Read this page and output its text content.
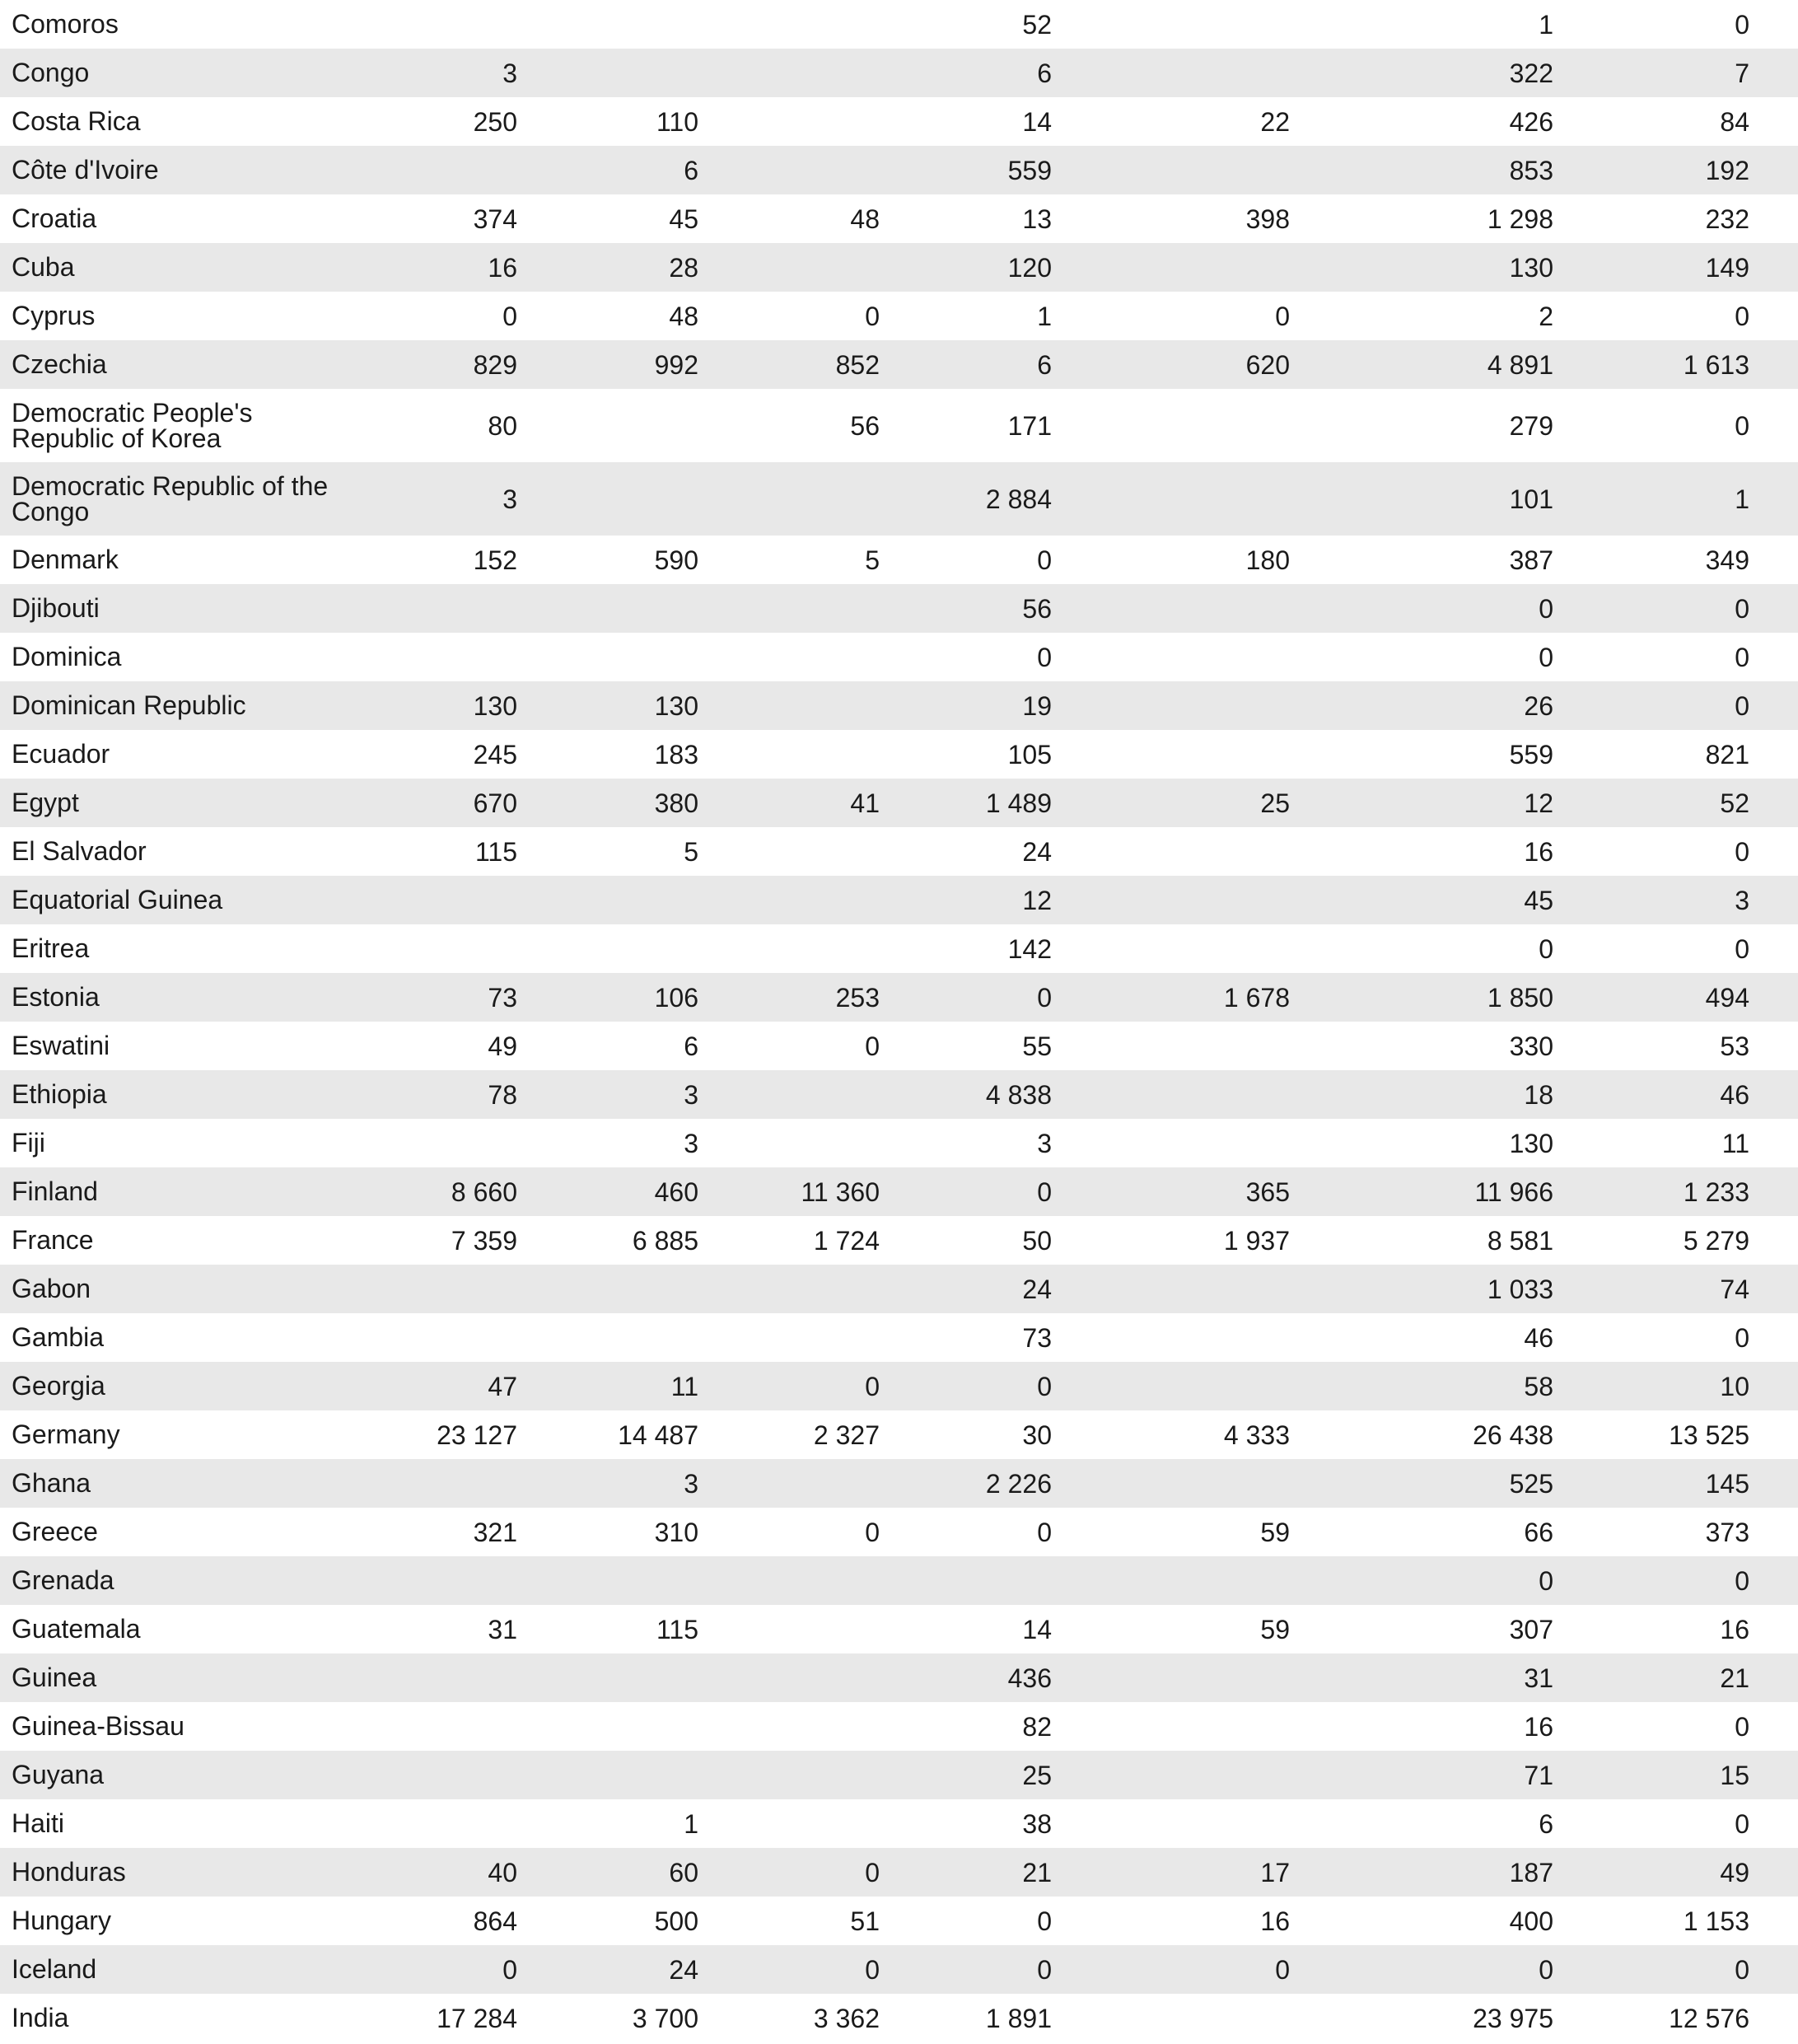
Comoros				52		1	0
Congo	3			6		322	7
Costa Rica	250	110		14	22	426	84
Côte d'Ivoire		6		559		853	192
Croatia	374	45	48	13	398	1 298	232
Cuba	16	28		120		130	149
Cyprus	0	48	0	1	0	2	0
Czechia	829	992	852	6	620	4 891	1 613
Democratic People's Republic of Korea	80		56	171		279	0
Democratic Republic of the Congo	3			2 884		101	1
Denmark	152	590	5	0	180	387	349
Djibouti				56		0	0
Dominica				0		0	0
Dominican Republic	130	130		19		26	0
Ecuador	245	183		105		559	821
Egypt	670	380	41	1 489	25	12	52
El Salvador	115	5		24		16	0
Equatorial Guinea				12		45	3
Eritrea				142		0	0
Estonia	73	106	253	0	1 678	1 850	494
Eswatini	49	6	0	55		330	53
Ethiopia	78	3		4 838		18	46
Fiji		3		3		130	11
Finland	8 660	460	11 360	0	365	11 966	1 233
France	7 359	6 885	1 724	50	1 937	8 581	5 279
Gabon				24		1 033	74
Gambia				73		46	0
Georgia	47	11	0	0		58	10
Germany	23 127	14 487	2 327	30	4 333	26 438	13 525
Ghana		3		2 226		525	145
Greece	321	310	0	0	59	66	373
Grenada						0	0
Guatemala	31	115		14	59	307	16
Guinea				436		31	21
Guinea-Bissau				82		16	0
Guyana				25		71	15
Haiti		1		38		6	0
Honduras	40	60	0	21	17	187	49
Hungary	864	500	51	0	16	400	1 153
Iceland	0	24	0	0	0	0	0
India	17 284	3 700	3 362	1 891		23 975	12 576
